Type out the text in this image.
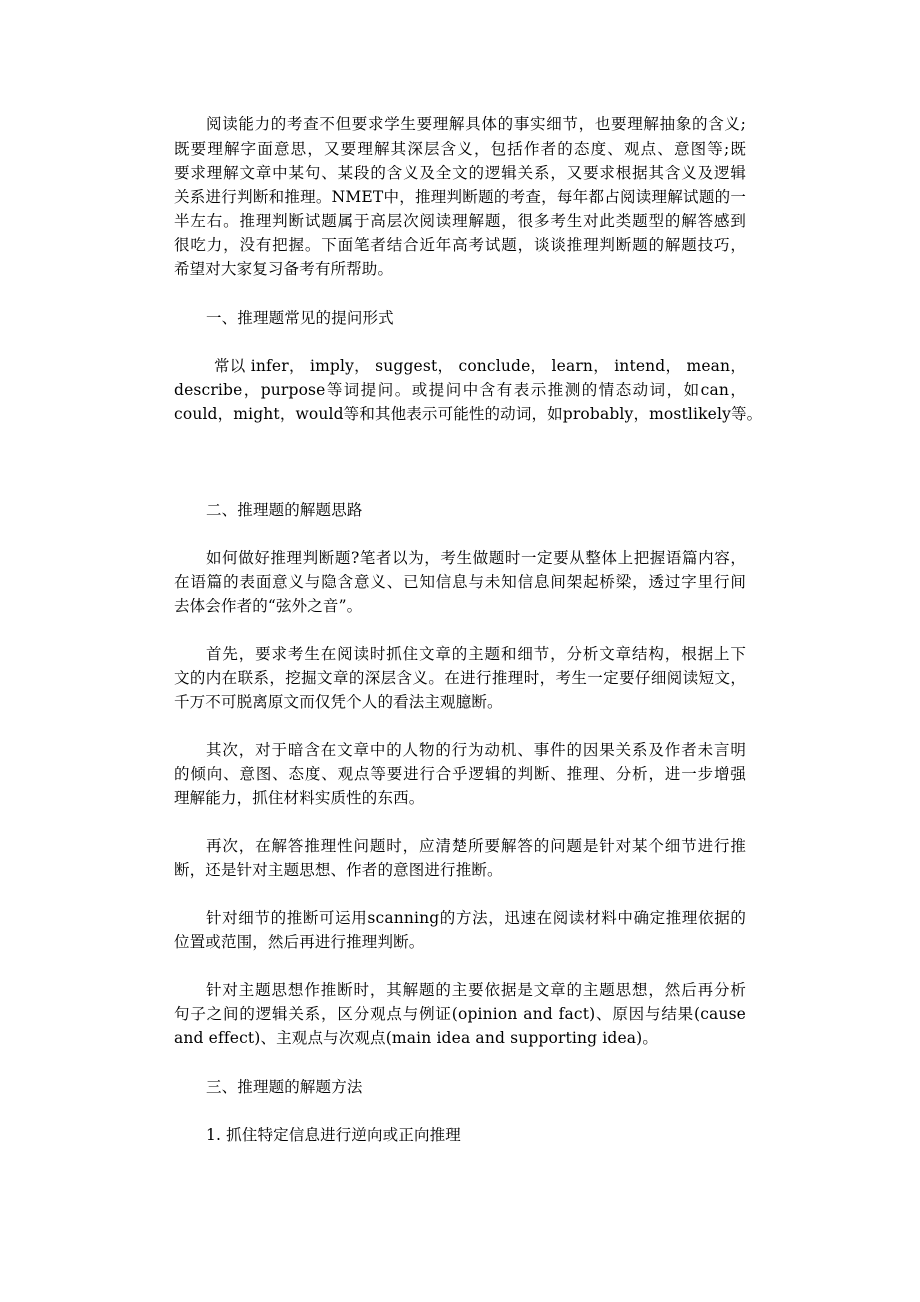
阅读能力的考查不但要求学生要理解具体的事实细节，也要理解抽象的含义;
既要理解字面意思，又要理解其深层含义，包括作者的态度、观点、意图等;既
要求理解文章中某句、某段的含义及全文的逻辑关系，又要求根据其含义及逻辑
关系进行判断和推理。NMET中，推理判断题的考查，每年都占阅读理解试题的一
半左右。推理判断试题属于高层次阅读理解题，很多考生对此类题型的解答感到
很吃力，没有把握。下面笔者结合近年高考试题，谈谈推理判断题的解题技巧，
希望对大家复习备考有所帮助。
一、推理题常见的提问形式
常以 infer， imply， suggest， conclude， learn， intend， mean，
describe，purpose等词提问。或提问中含有表示推测的情态动词，如can，
could，might，would等和其他表示可能性的动词，如probably，mostlikely等。
二、推理题的解题思路
如何做好推理判断题?笔者以为，考生做题时一定要从整体上把握语篇内容，
在语篇的表面意义与隐含意义、已知信息与未知信息间架起桥梁，透过字里行间
去体会作者的“弦外之音”。
首先，要求考生在阅读时抓住文章的主题和细节，分析文章结构，根据上下
文的内在联系，挖掘文章的深层含义。在进行推理时，考生一定要仔细阅读短文，
千万不可脱离原文而仅凭个人的看法主观臆断。
其次，对于暗含在文章中的人物的行为动机、事件的因果关系及作者未言明
的倾向、意图、态度、观点等要进行合乎逻辑的判断、推理、分析，进一步增强
理解能力，抓住材料实质性的东西。
再次，在解答推理性问题时，应清楚所要解答的问题是针对某个细节进行推
断，还是针对主题思想、作者的意图进行推断。
针对细节的推断可运用scanning的方法，迅速在阅读材料中确定推理依据的
位置或范围，然后再进行推理判断。
针对主题思想作推断时，其解题的主要依据是文章的主题思想，然后再分析
句子之间的逻辑关系，区分观点与例证(opinion and fact)、原因与结果(cause
and effect)、主观点与次观点(main idea and supporting idea)。
三、推理题的解题方法
1. 抓住特定信息进行逆向或正向推理
